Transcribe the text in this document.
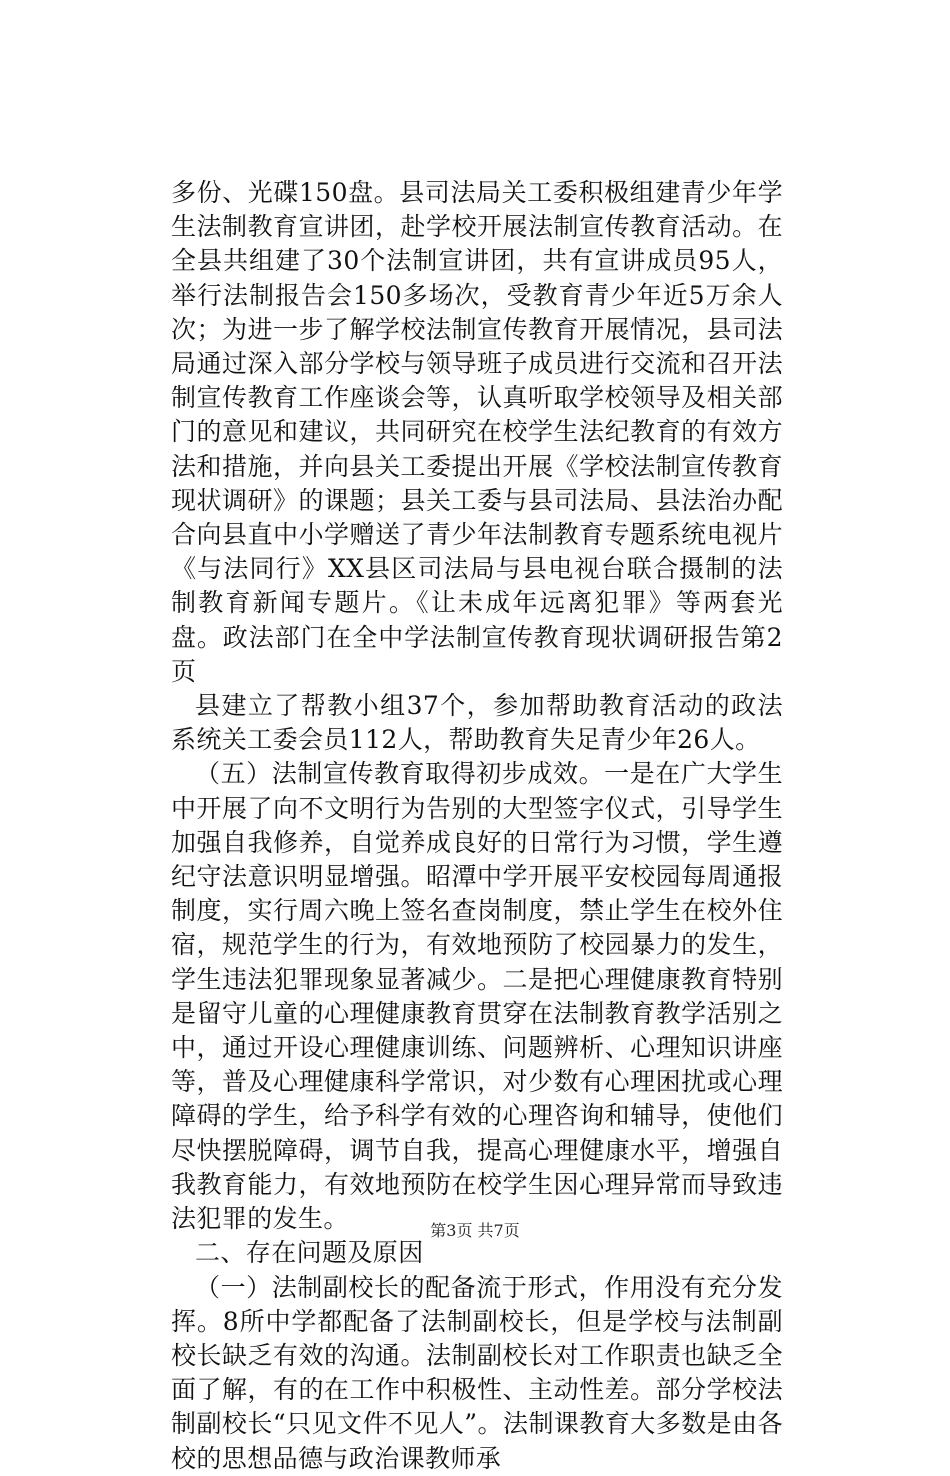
多份、光碟150盘。县司法局关工委积极组建青少年学生法制教育宣讲团，赴学校开展法制宣传教育活动。在全县共组建了30个法制宣讲团，共有宣讲成员95人，举行法制报告会150多场次，受教育青少年近5万余人次；为进一步了解学校法制宣传教育开展情况，县司法局通过深入部分学校与领导班子成员进行交流和召开法制宣传教育工作座谈会等，认真听取学校领导及相关部门的意见和建议，共同研究在校学生法纪教育的有效方法和措施，并向县关工委提出开展《学校法制宣传教育现状调研》的课题；县关工委与县司法局、县法治办配合向县直中小学赠送了青少年法制教育专题系统电视片《与法同行》XX县区司法局与县电视台联合摄制的法制教育新闻专题片。《让未成年远离犯罪》等两套光盘。政法部门在全中学法制宣传教育现状调研报告第2页

县建立了帮教小组37个，参加帮助教育活动的政法系统关工委会员112人，帮助教育失足青少年26人。

（五）法制宣传教育取得初步成效。一是在广大学生中开展了向不文明行为告别的大型签字仪式，引导学生加强自我修养，自觉养成良好的日常行为习惯，学生遵纪守法意识明显增强。昭潭中学开展平安校园每周通报制度，实行周六晚上签名查岗制度，禁止学生在校外住宿，规范学生的行为，有效地预防了校园暴力的发生，学生违法犯罪现象显著减少。二是把心理健康教育特别是留守儿童的心理健康教育贯穿在法制教育教学活别之中，通过开设心理健康训练、问题辨析、心理知识讲座等，普及心理健康科学常识，对少数有心理困扰或心理障碍的学生，给予科学有效的心理咨询和辅导，使他们尽快摆脱障碍，调节自我，提高心理健康水平，增强自我教育能力，有效地预防在校学生因心理异常而导致违法犯罪的发生。

二、存在问题及原因

（一）法制副校长的配备流于形式，作用没有充分发挥。8所中学都配备了法制副校长，但是学校与法制副校长缺乏有效的沟通。法制副校长对工作职责也缺乏全面了解，有的在工作中积极性、主动性差。部分学校法制副校长“只见文件不见人”。法制课教育大多数是由各校的思想品德与政治课教师承

第3页 共7页
